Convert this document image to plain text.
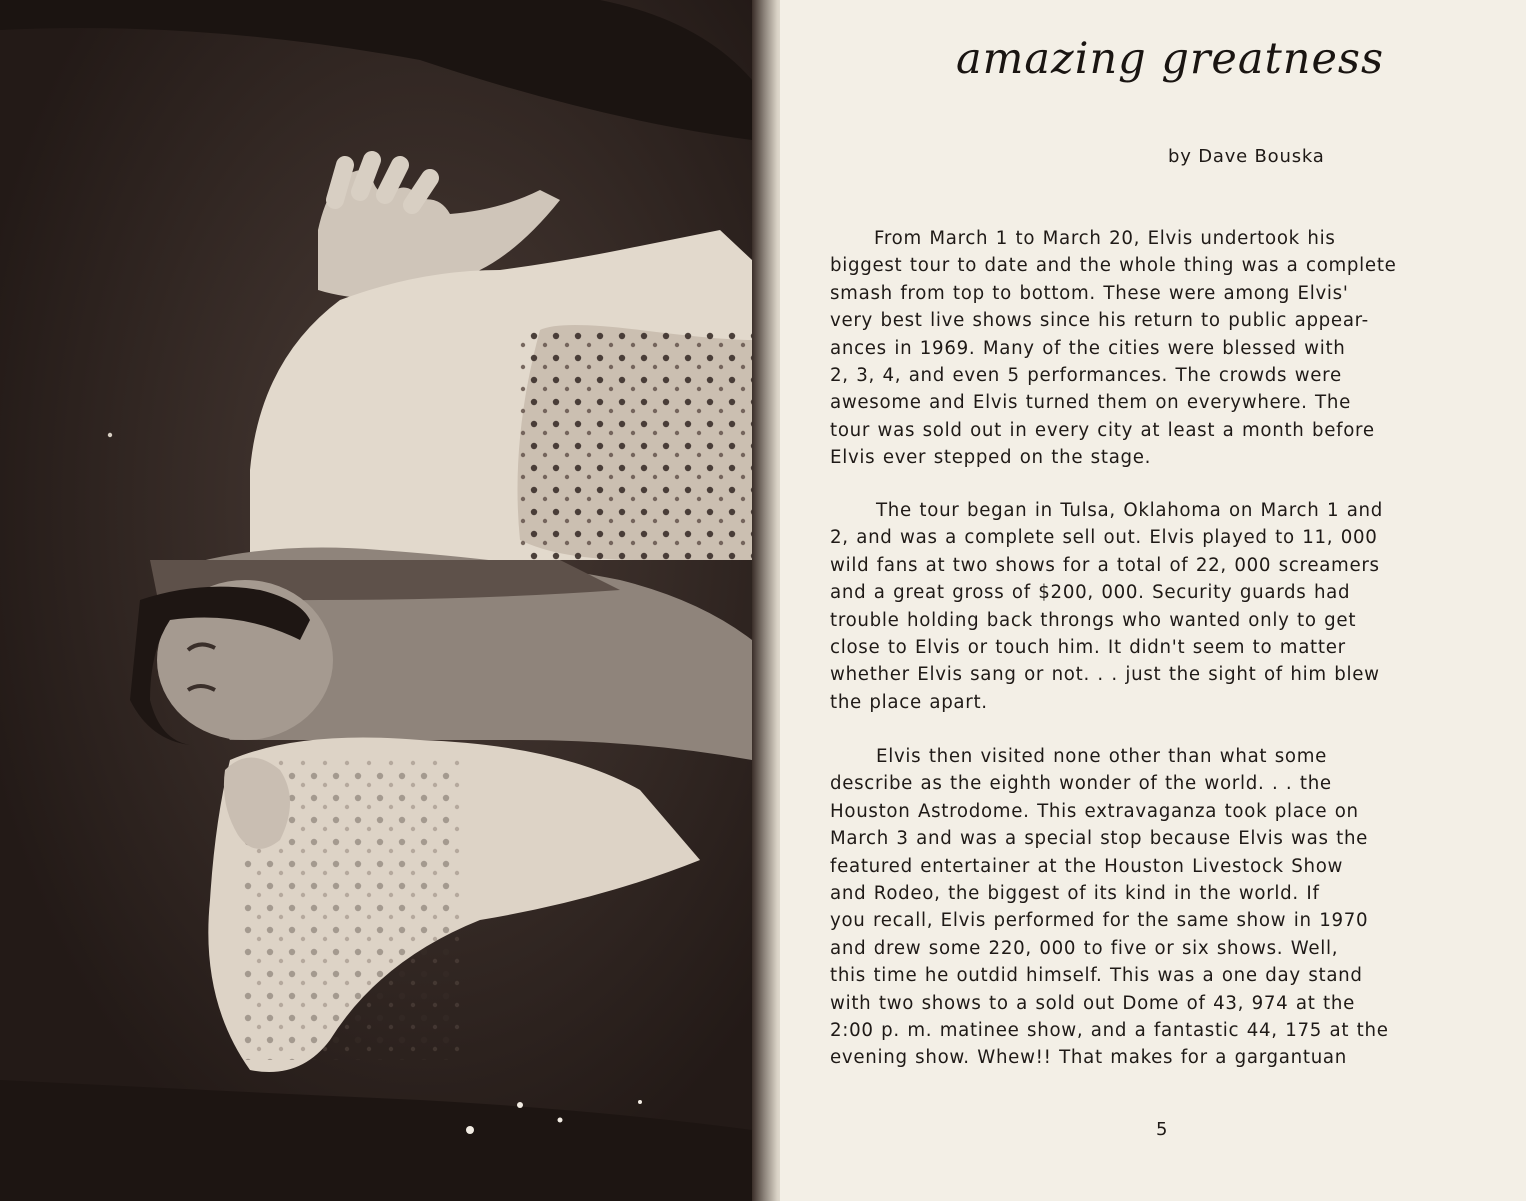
amazing greatness

by Dave Bouska

From March 1 to March 20, Elvis undertook his
biggest tour to date and the whole thing was a complete
smash from top to bottom. These were among Elvis'
very best live shows since his return to public appear-
ances in 1969. Many of the cities were blessed with
2, 3, 4, and even 5 performances. The crowds were
awesome and Elvis turned them on everywhere. The
tour was sold out in every city at least a month before
Elvis ever stepped on the stage.

The tour began in Tulsa, Oklahoma on March 1 and
2, and was a complete sell out. Elvis played to 11, 000
wild fans at two shows for a total of 22, 000 screamers
and a great gross of $200, 000. Security guards had
trouble holding back throngs who wanted only to get
close to Elvis or touch him. It didn't seem to matter
whether Elvis sang or not. . . just the sight of him blew
the place apart.

Elvis then visited none other than what some
describe as the eighth wonder of the world. . . the
Houston Astrodome. This extravaganza took place on
March 3 and was a special stop because Elvis was the
featured entertainer at the Houston Livestock Show
and Rodeo, the biggest of its kind in the world. If
you recall, Elvis performed for the same show in 1970
and drew some 220, 000 to five or six shows. Well,
this time he outdid himself. This was a one day stand
with two shows to a sold out Dome of 43, 974 at the
2:00 p. m. matinee show, and a fantastic 44, 175 at the
evening show. Whew!! That makes for a gargantuan

5
